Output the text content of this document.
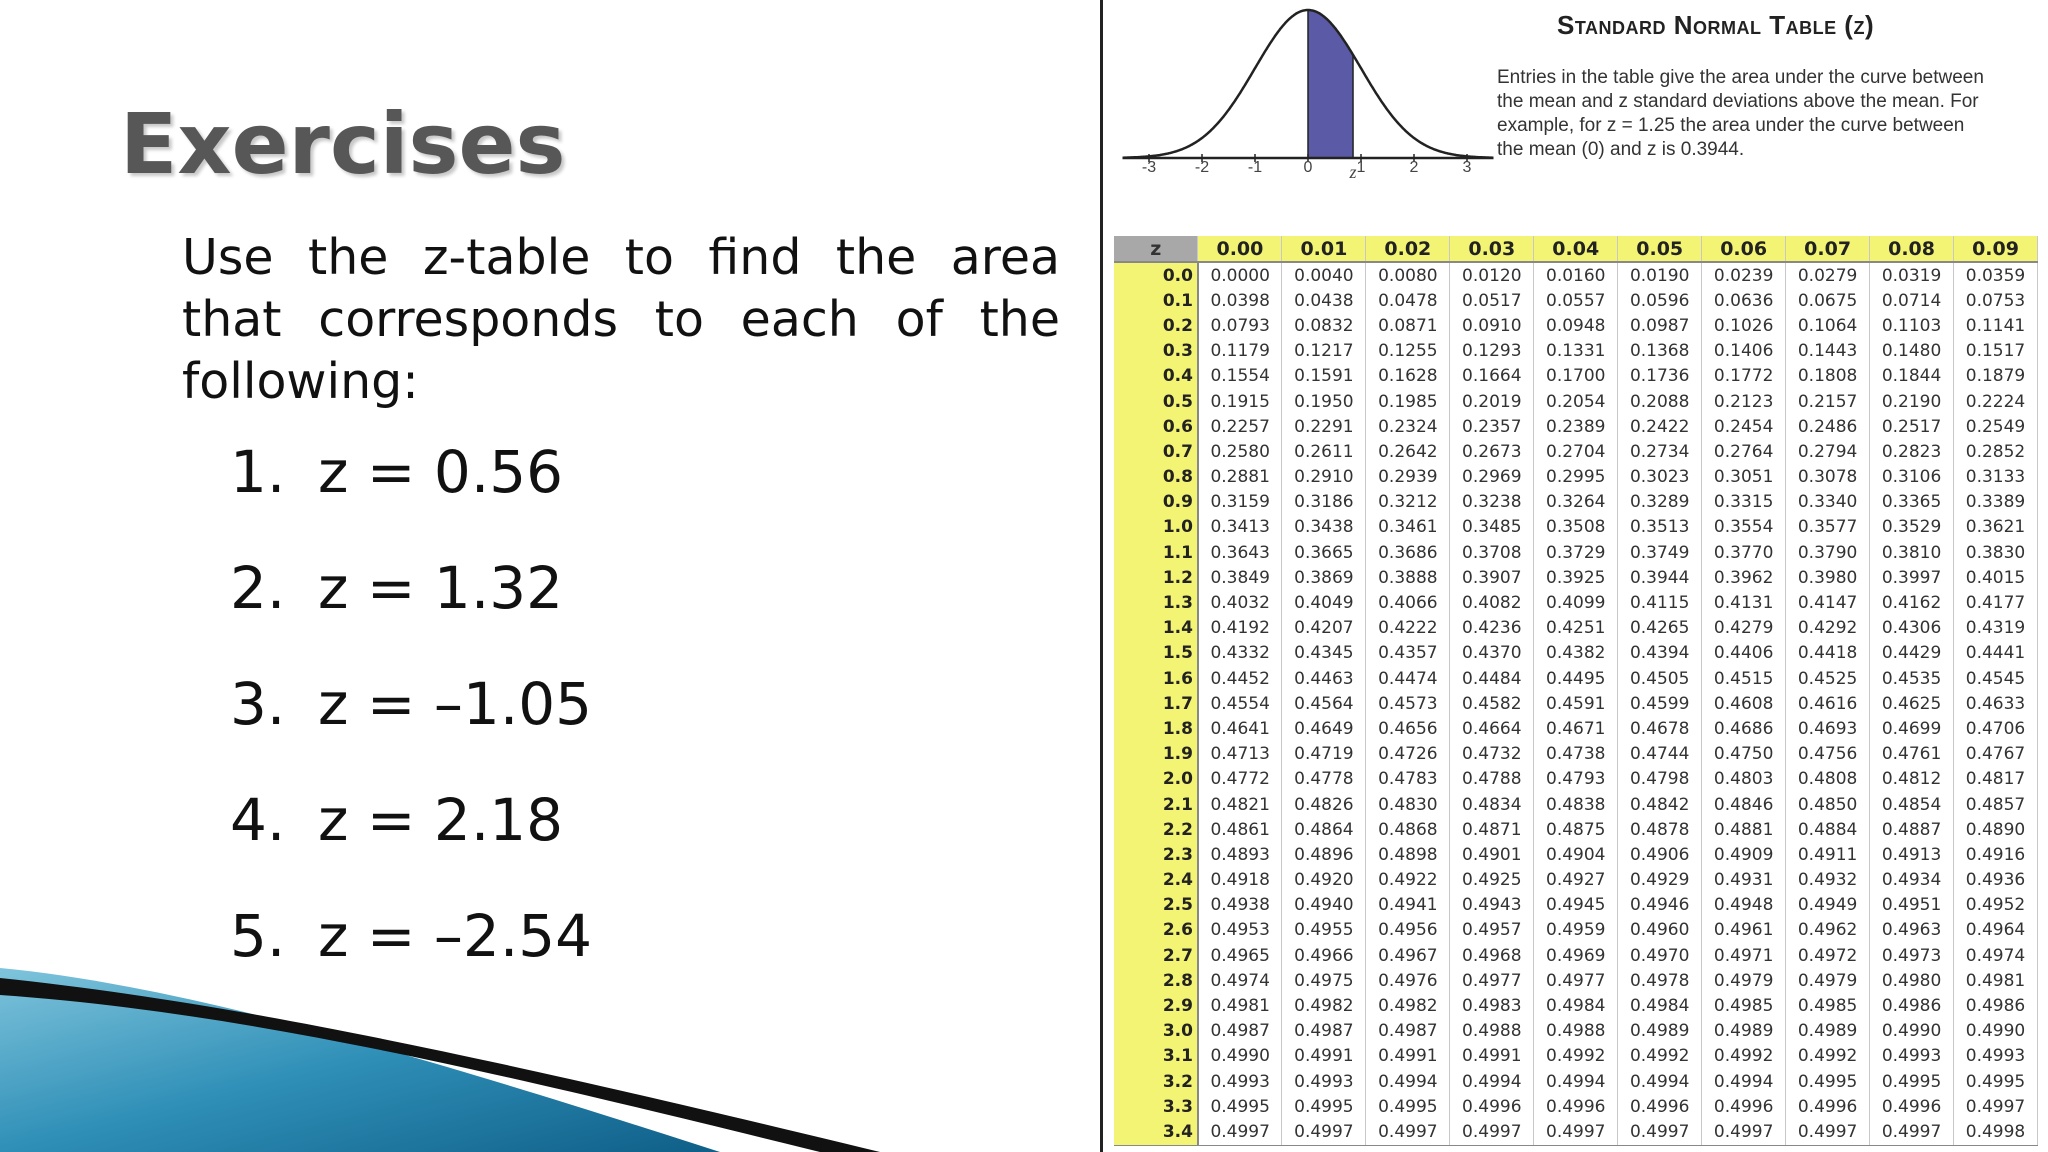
Exercises

Use the z-table to find the area that corresponds to each of the following:

1. z = 0.56
2. z = 1.32
3. z = –1.05
4. z = 2.18
5. z = –2.54
-3 -2 -1	0	1	2	3
z
Standard Normal Table (z)
Entries in the table give the area under the curve between the mean and z standard deviations above the mean. For example, for z = 1.25 the area under the curve between the mean (0) and z is 0.3944.
z	0.00	0.01	0.02	0.03	0.04	0.05	0.06	0.07	0.08	0.09
0.0	0.0000	0.0040	0.0080	0.0120	0.0160	0.0190	0.0239	0.0279	0.0319	0.0359
0.1	0.0398	0.0438	0.0478	0.0517	0.0557	0.0596	0.0636	0.0675	0.0714	0.0753
0.2	0.0793	0.0832	0.0871	0.0910	0.0948	0.0987	0.1026	0.1064	0.1103	0.1141
0.3	0.1179	0.1217	0.1255	0.1293	0.1331	0.1368	0.1406	0.1443	0.1480	0.1517
0.4	0.1554	0.1591	0.1628	0.1664	0.1700	0.1736	0.1772	0.1808	0.1844	0.1879
0.5	0.1915	0.1950	0.1985	0.2019	0.2054	0.2088	0.2123	0.2157	0.2190	0.2224
0.6	0.2257	0.2291	0.2324	0.2357	0.2389	0.2422	0.2454	0.2486	0.2517	0.2549
0.7	0.2580	0.2611	0.2642	0.2673	0.2704	0.2734	0.2764	0.2794	0.2823	0.2852
0.8	0.2881	0.2910	0.2939	0.2969	0.2995	0.3023	0.3051	0.3078	0.3106	0.3133
0.9	0.3159	0.3186	0.3212	0.3238	0.3264	0.3289	0.3315	0.3340	0.3365	0.3389
1.0	0.3413	0.3438	0.3461	0.3485	0.3508	0.3513	0.3554	0.3577	0.3529	0.3621
1.1	0.3643	0.3665	0.3686	0.3708	0.3729	0.3749	0.3770	0.3790	0.3810	0.3830
1.2	0.3849	0.3869	0.3888	0.3907	0.3925	0.3944	0.3962	0.3980	0.3997	0.4015
1.3	0.4032	0.4049	0.4066	0.4082	0.4099	0.4115	0.4131	0.4147	0.4162	0.4177
1.4	0.4192	0.4207	0.4222	0.4236	0.4251	0.4265	0.4279	0.4292	0.4306	0.4319
1.5	0.4332	0.4345	0.4357	0.4370	0.4382	0.4394	0.4406	0.4418	0.4429	0.4441
1.6	0.4452	0.4463	0.4474	0.4484	0.4495	0.4505	0.4515	0.4525	0.4535	0.4545
1.7	0.4554	0.4564	0.4573	0.4582	0.4591	0.4599	0.4608	0.4616	0.4625	0.4633
1.8	0.4641	0.4649	0.4656	0.4664	0.4671	0.4678	0.4686	0.4693	0.4699	0.4706
1.9	0.4713	0.4719	0.4726	0.4732	0.4738	0.4744	0.4750	0.4756	0.4761	0.4767
2.0	0.4772	0.4778	0.4783	0.4788	0.4793	0.4798	0.4803	0.4808	0.4812	0.4817
2.1	0.4821	0.4826	0.4830	0.4834	0.4838	0.4842	0.4846	0.4850	0.4854	0.4857
2.2	0.4861	0.4864	0.4868	0.4871	0.4875	0.4878	0.4881	0.4884	0.4887	0.4890
2.3	0.4893	0.4896	0.4898	0.4901	0.4904	0.4906	0.4909	0.4911	0.4913	0.4916
2.4	0.4918	0.4920	0.4922	0.4925	0.4927	0.4929	0.4931	0.4932	0.4934	0.4936
2.5	0.4938	0.4940	0.4941	0.4943	0.4945	0.4946	0.4948	0.4949	0.4951	0.4952
2.6	0.4953	0.4955	0.4956	0.4957	0.4959	0.4960	0.4961	0.4962	0.4963	0.4964
2.7	0.4965	0.4966	0.4967	0.4968	0.4969	0.4970	0.4971	0.4972	0.4973	0.4974
2.8	0.4974	0.4975	0.4976	0.4977	0.4977	0.4978	0.4979	0.4979	0.4980	0.4981
2.9	0.4981	0.4982	0.4982	0.4983	0.4984	0.4984	0.4985	0.4985	0.4986	0.4986
3.0	0.4987	0.4987	0.4987	0.4988	0.4988	0.4989	0.4989	0.4989	0.4990	0.4990
3.1	0.4990	0.4991	0.4991	0.4991	0.4992	0.4992	0.4992	0.4992	0.4993	0.4993
3.2	0.4993	0.4993	0.4994	0.4994	0.4994	0.4994	0.4994	0.4995	0.4995	0.4995
3.3	0.4995	0.4995	0.4995	0.4996	0.4996	0.4996	0.4996	0.4996	0.4996	0.4997
3.4	0.4997	0.4997	0.4997	0.4997	0.4997	0.4997	0.4997	0.4997	0.4997	0.4998
